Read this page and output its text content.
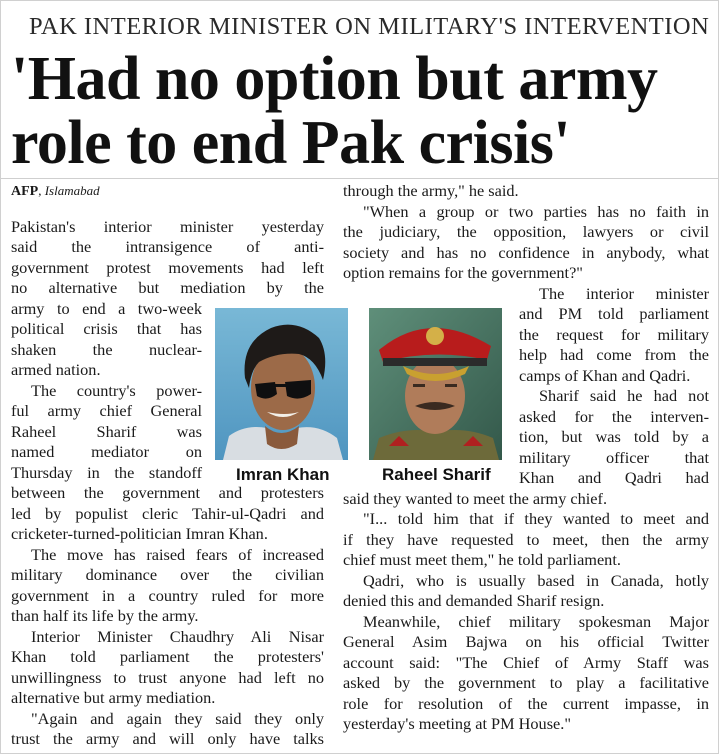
PAK INTERIOR MINISTER ON MILITARY'S INTERVENTION
'Had no option but army
role to end Pak crisis'
AFP, Islamabad
Imran Khan	Raheel Sharif
Pakistan's interior minister yesterday
said the intransigence of anti-
government protest movements had left
no alternative but mediation by the
army to end a two-week
political crisis that has
shaken the nuclear-
armed nation.
The country's power-
ful army chief General
Raheel Sharif was
named mediator on
Thursday in the standoff
between the government and protesters
led by populist cleric Tahir-ul-Qadri and
cricketer-turned-politician Imran Khan.
The move has raised fears of increased
military dominance over the civilian
government in a country ruled for more
than half its life by the army.
Interior Minister Chaudhry Ali Nisar
Khan told parliament the protesters'
unwillingness to trust anyone had left no
alternative but army mediation.
"Again and again they said they only
trust the army and will only have talks
through the army," he said.
"When a group or two parties has no faith in
the judiciary, the opposition, lawyers or civil
society and has no confidence in anybody, what
option remains for the government?"
The interior minister
and PM told parliament
the request for military
help had come from the
camps of Khan and Qadri.
Sharif said he had not
asked for the interven-
tion, but was told by a
military officer that
Khan and Qadri had
said they wanted to meet the army chief.
"I... told him that if they wanted to meet and
if they have requested to meet, then the army
chief must meet them," he told parliament.
Qadri, who is usually based in Canada, hotly
denied this and demanded Sharif resign.
Meanwhile, chief military spokesman Major
General Asim Bajwa on his official Twitter
account said: "The Chief of Army Staff was
asked by the government to play a facilitative
role for resolution of the current impasse, in
yesterday's meeting at PM House."
